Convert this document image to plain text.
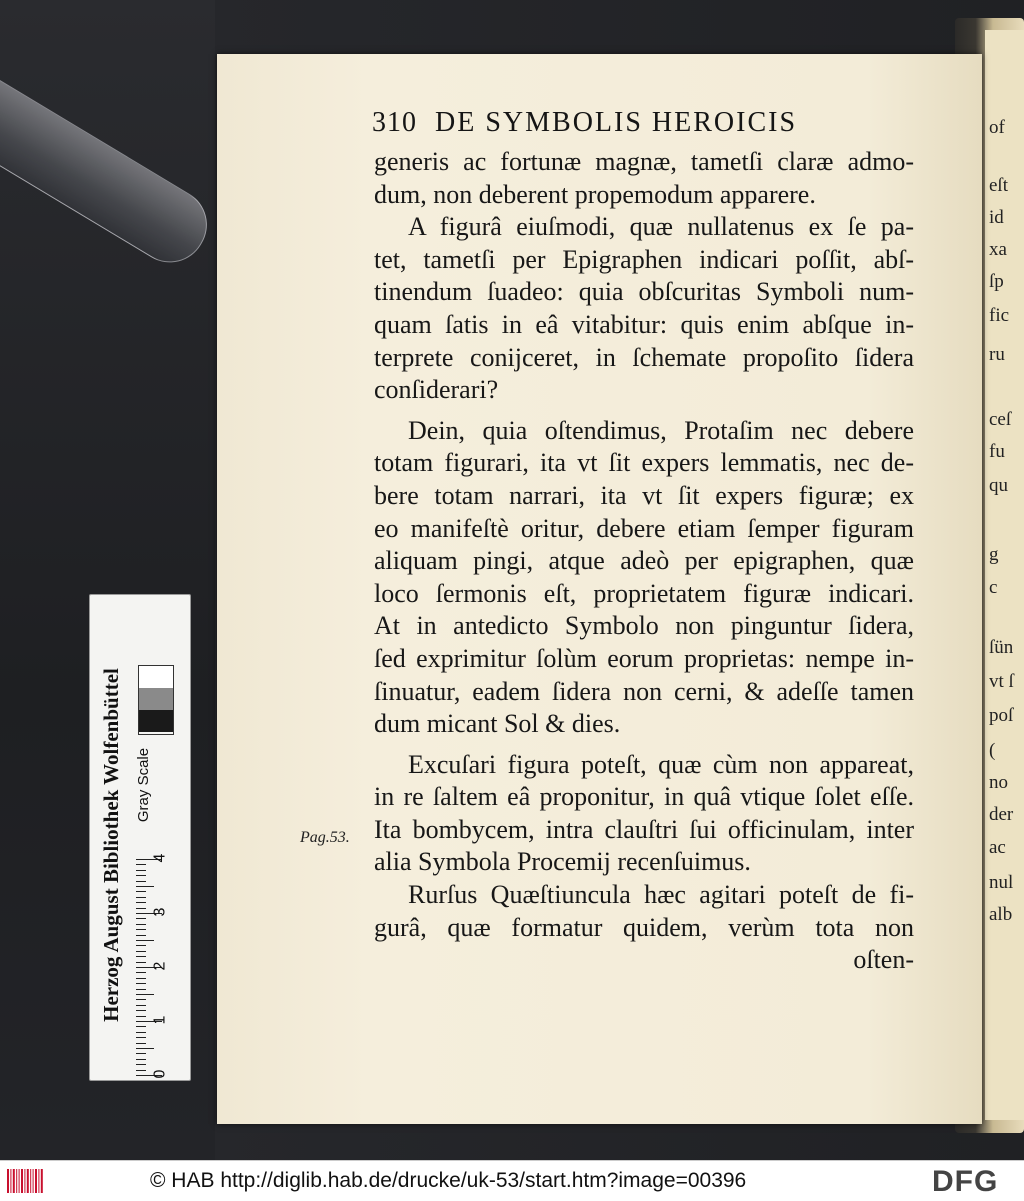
of
eſt
id
xa
ſp
fic
ru
ceſ
fu
qu
g
c
ſün
vt ſ
poſ
(
no
der
ac
nul
alb
310 DE SYMBOLIS HEROICIS
generis ac fortunæ magnæ, tametſi claræ admo-
dum, non deberent propemodum apparere.
A figurâ eiuſmodi, quæ nullatenus ex ſe pa-
tet, tametſi per Epigraphen indicari poſſit, abſ-
tinendum ſuadeo: quia obſcuritas Symboli num-
quam ſatis in eâ vitabitur: quis enim abſque in-
terprete conijceret, in ſchemate propoſito ſidera
conſiderari?
Dein, quia oſtendimus, Protaſim nec debere
totam figurari, ita vt ſit expers lemmatis, nec de-
bere totam narrari, ita vt ſit expers figuræ; ex
eo manifeſtè oritur, debere etiam ſemper figuram
aliquam pingi, atque adeò per epigraphen, quæ
loco ſermonis eſt, proprietatem figuræ indicari.
At in antedicto Symbolo non pinguntur ſidera,
ſed exprimitur ſolùm eorum proprietas: nempe in-
ſinuatur, eadem ſidera non cerni, & adeſſe tamen
dum micant Sol & dies.
Excuſari figura poteſt, quæ cùm non appareat,
in re ſaltem eâ proponitur, in quâ vtique ſolet eſſe.
Ita bombycem, intra clauſtri ſui officinulam, inter
alia Symbola Procemij recenſuimus.
Rurſus Quæſtiuncula hæc agitari poteſt de fi-
gurâ, quæ formatur quidem, verùm tota non
oſten-
Pag.53.
Herzog August Bibliothek Wolfenbüttel Gray Scale
0
1
2
3
4
© HAB http://diglib.hab.de/drucke/uk-53/start.htm?image=00396	DFG
